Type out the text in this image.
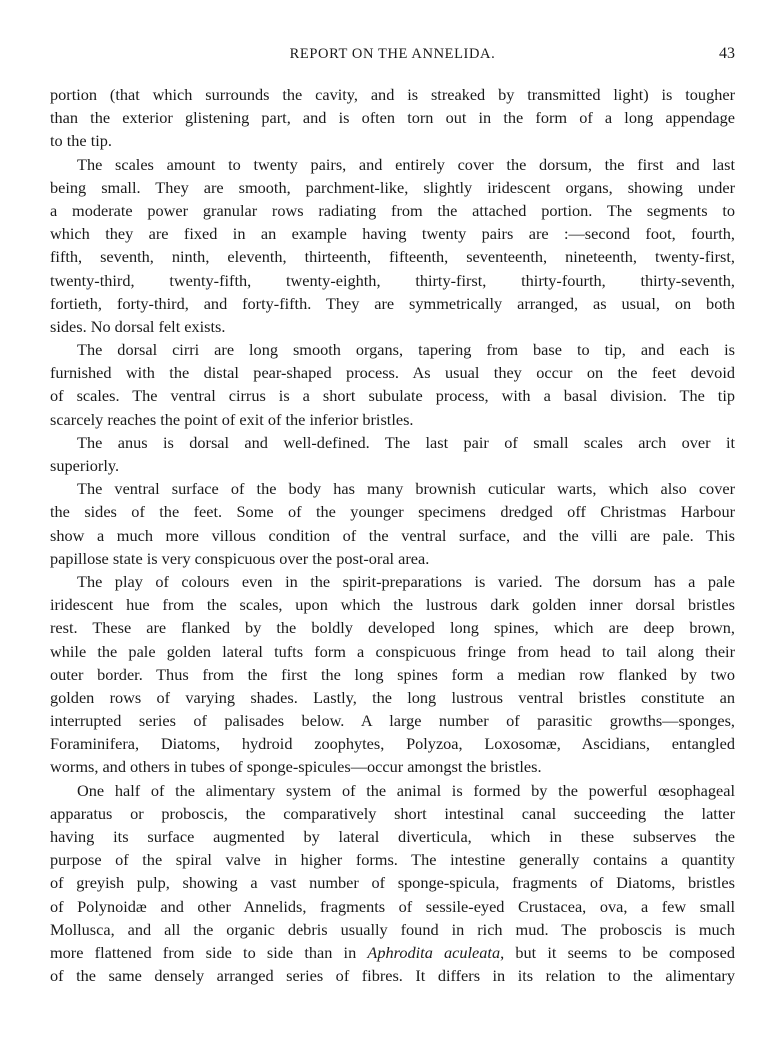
REPORT ON THE ANNELIDA.	43

portion (that which surrounds the cavity, and is streaked by transmitted light) is tougher
than the exterior glistening part, and is often torn out in the form of a long appendage
to the tip.

The scales amount to twenty pairs, and entirely cover the dorsum, the first and last
being small. They are smooth, parchment-like, slightly iridescent organs, showing under
a moderate power granular rows radiating from the attached portion. The segments to
which they are fixed in an example having twenty pairs are :—second foot, fourth,
fifth, seventh, ninth, eleventh, thirteenth, fifteenth, seventeenth, nineteenth, twenty-first,
twenty-third, twenty-fifth, twenty-eighth, thirty-first, thirty-fourth, thirty-seventh,
fortieth, forty-third, and forty-fifth. They are symmetrically arranged, as usual, on both
sides. No dorsal felt exists.

The dorsal cirri are long smooth organs, tapering from base to tip, and each is
furnished with the distal pear-shaped process. As usual they occur on the feet devoid
of scales. The ventral cirrus is a short subulate process, with a basal division. The tip
scarcely reaches the point of exit of the inferior bristles.

The anus is dorsal and well-defined. The last pair of small scales arch over it
superiorly.

The ventral surface of the body has many brownish cuticular warts, which also cover
the sides of the feet. Some of the younger specimens dredged off Christmas Harbour
show a much more villous condition of the ventral surface, and the villi are pale. This
papillose state is very conspicuous over the post-oral area.

The play of colours even in the spirit-preparations is varied. The dorsum has a pale
iridescent hue from the scales, upon which the lustrous dark golden inner dorsal bristles
rest. These are flanked by the boldly developed long spines, which are deep brown,
while the pale golden lateral tufts form a conspicuous fringe from head to tail along their
outer border. Thus from the first the long spines form a median row flanked by two
golden rows of varying shades. Lastly, the long lustrous ventral bristles constitute an
interrupted series of palisades below. A large number of parasitic growths—sponges,
Foraminifera, Diatoms, hydroid zoophytes, Polyzoa, Loxosomæ, Ascidians, entangled
worms, and others in tubes of sponge-spicules—occur amongst the bristles.

One half of the alimentary system of the animal is formed by the powerful œsophageal
apparatus or proboscis, the comparatively short intestinal canal succeeding the latter
having its surface augmented by lateral diverticula, which in these subserves the
purpose of the spiral valve in higher forms. The intestine generally contains a quantity
of greyish pulp, showing a vast number of sponge-spicula, fragments of Diatoms, bristles
of Polynoidæ and other Annelids, fragments of sessile-eyed Crustacea, ova, a few small
Mollusca, and all the organic debris usually found in rich mud. The proboscis is much
more flattened from side to side than in Aphrodita aculeata, but it seems to be composed
of the same densely arranged series of fibres. It differs in its relation to the alimentary
